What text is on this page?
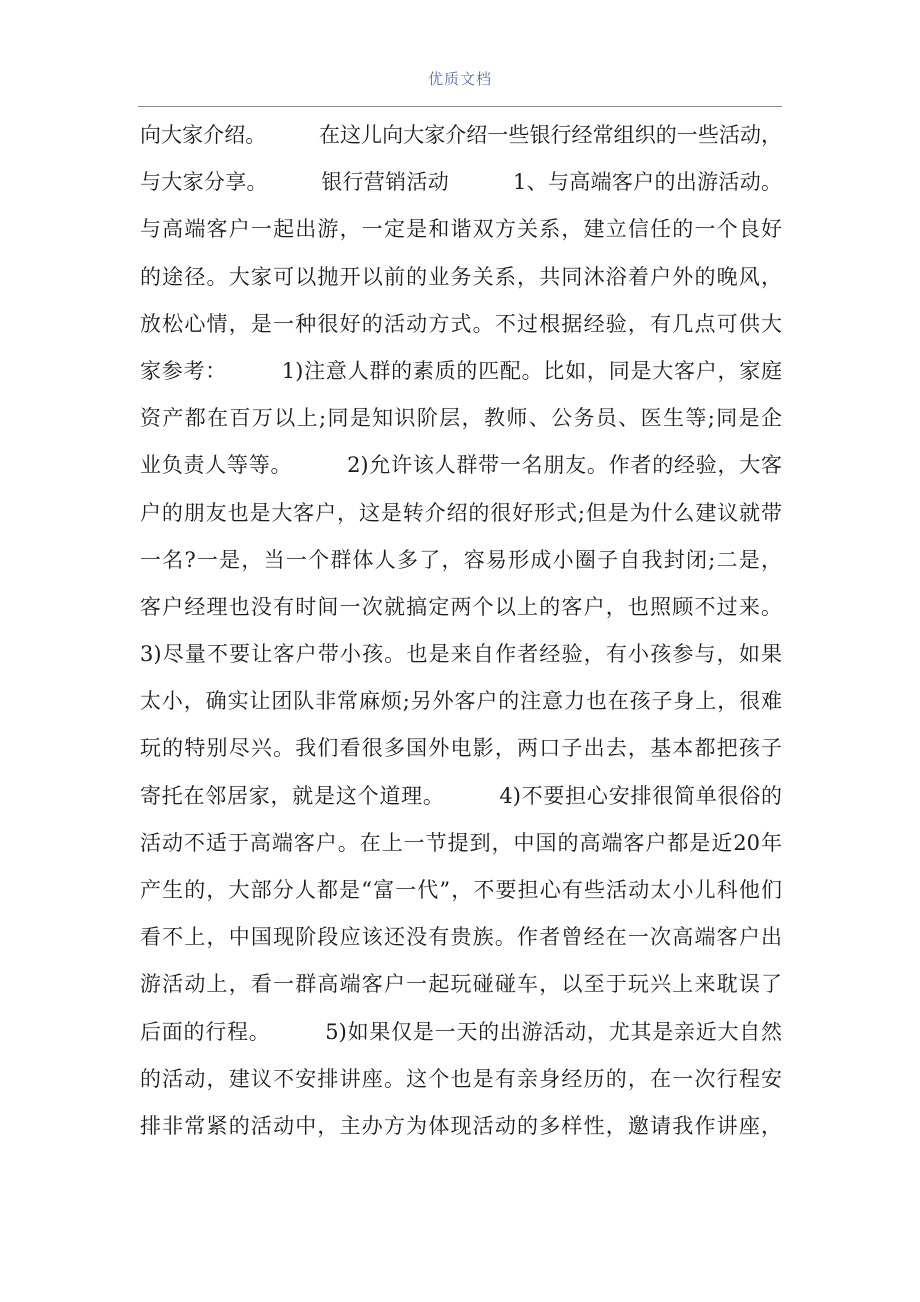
优质文档
向大家介绍。　　　在这儿向大家介绍一些银行经常组织的一些活动，
与大家分享。　　　银行营销活动　　　1、与高端客户的出游活动。
与高端客户一起出游，一定是和谐双方关系，建立信任的一个良好
的途径。大家可以抛开以前的业务关系，共同沐浴着户外的晚风，
放松心情，是一种很好的活动方式。不过根据经验，有几点可供大
家参考：　　　1)注意人群的素质的匹配。比如，同是大客户，家庭
资产都在百万以上;同是知识阶层，教师、公务员、医生等;同是企
业负责人等等。　　　2)允许该人群带一名朋友。作者的经验，大客
户的朋友也是大客户，这是转介绍的很好形式;但是为什么建议就带
一名?一是，当一个群体人多了，容易形成小圈子自我封闭;二是，
客户经理也没有时间一次就搞定两个以上的客户，也照顾不过来。
3)尽量不要让客户带小孩。也是来自作者经验，有小孩参与，如果
太小，确实让团队非常麻烦;另外客户的注意力也在孩子身上，很难
玩的特别尽兴。我们看很多国外电影，两口子出去，基本都把孩子
寄托在邻居家，就是这个道理。　　　4)不要担心安排很简单很俗的
活动不适于高端客户。在上一节提到，中国的高端客户都是近20年
产生的，大部分人都是“富一代”，不要担心有些活动太小儿科他们
看不上，中国现阶段应该还没有贵族。作者曾经在一次高端客户出
游活动上，看一群高端客户一起玩碰碰车，以至于玩兴上来耽误了
后面的行程。　　　5)如果仅是一天的出游活动，尤其是亲近大自然
的活动，建议不安排讲座。这个也是有亲身经历的，在一次行程安
排非常紧的活动中，主办方为体现活动的多样性，邀请我作讲座，
